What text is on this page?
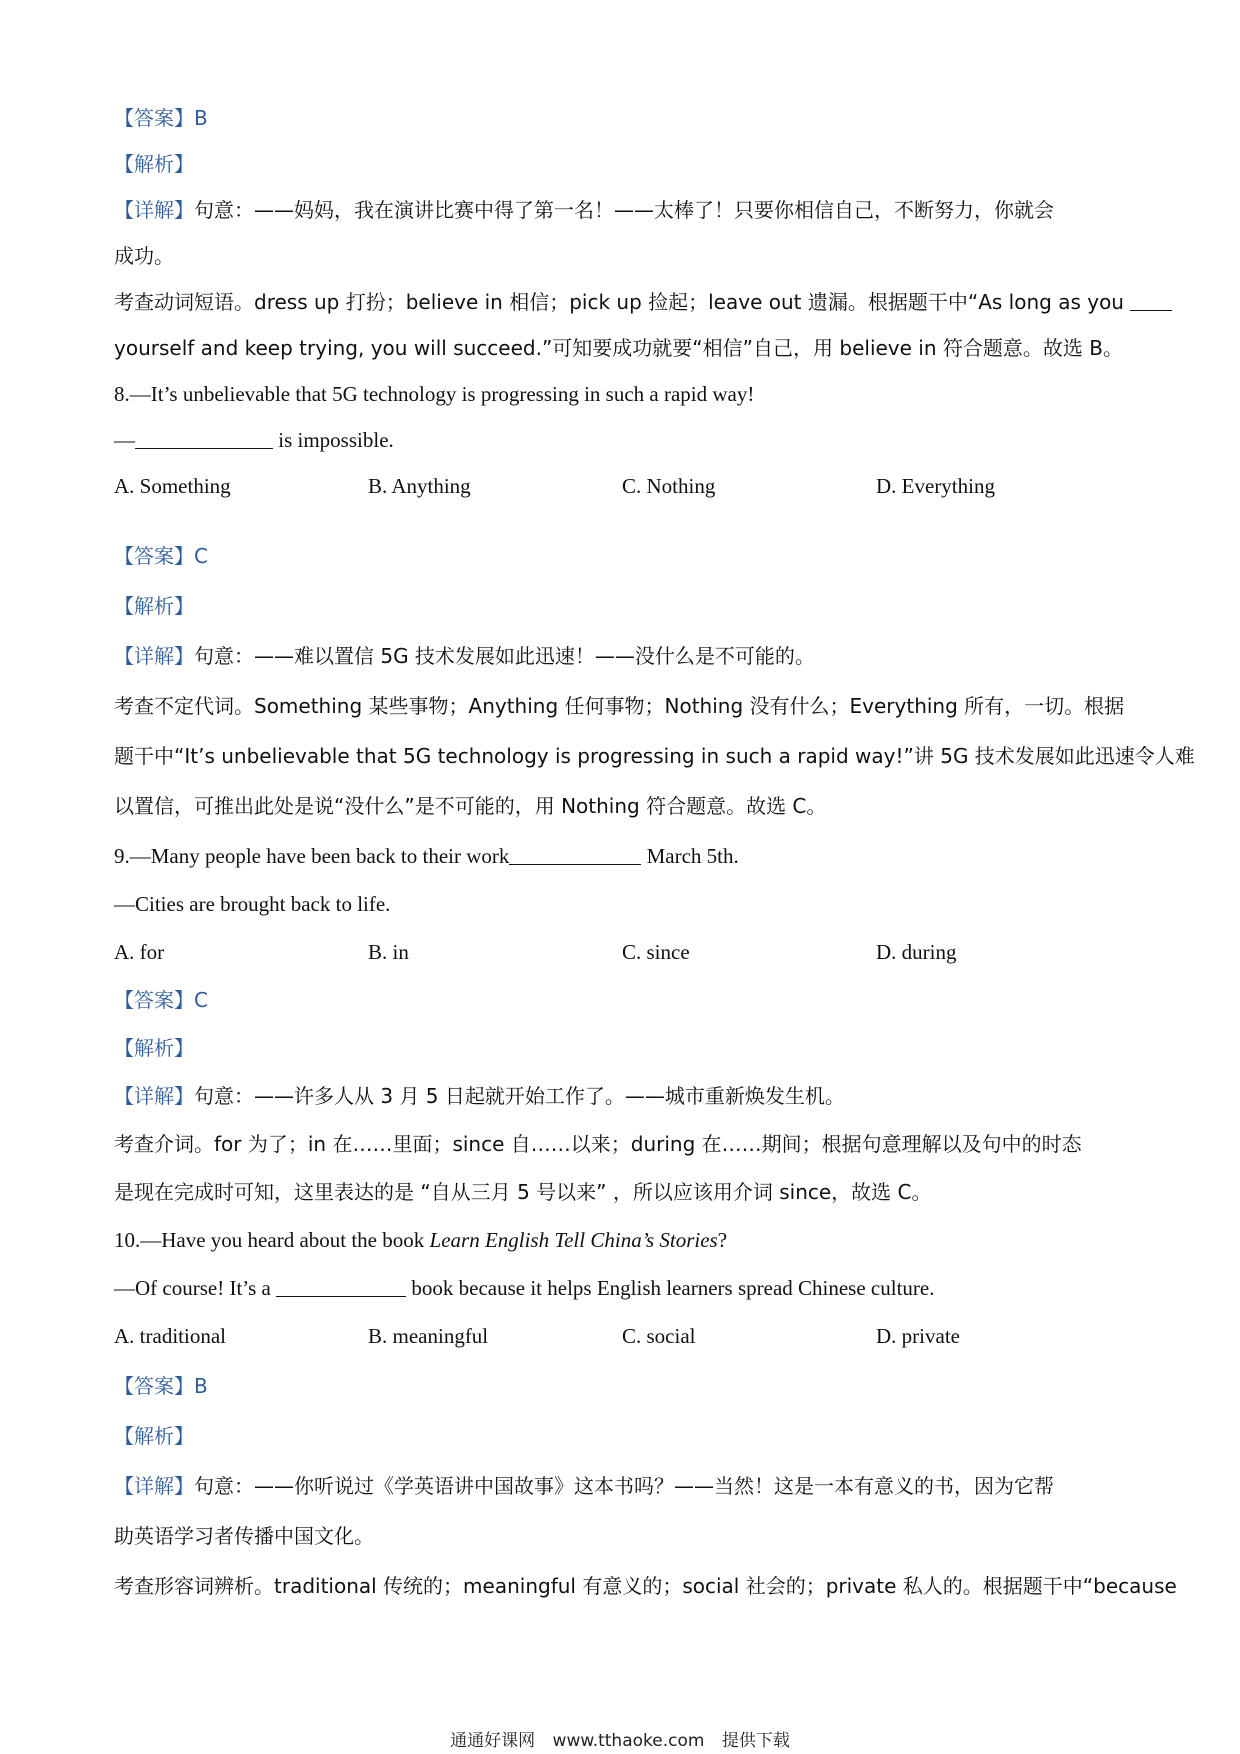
【答案】B
【解析】
【详解】句意：——妈妈，我在演讲比赛中得了第一名！——太棒了！只要你相信自己，不断努力，你就会
成功。
考查动词短语。dress up 打扮；believe in 相信；pick up 捡起；leave out 遗漏。根据题干中“As long as you
yourself and keep trying, you will succeed.”可知要成功就要“相信”自己，用 believe in 符合题意。故选 B。
8.—It’s unbelievable that 5G technology is progressing in such a rapid way!
—	is impossible.
A. Something	B. Anything	C. Nothing	D. Everything
【答案】C
【解析】
【详解】句意：——难以置信 5G 技术发展如此迅速！——没什么是不可能的。
考查不定代词。Something 某些事物；Anything 任何事物；Nothing 没有什么；Everything 所有，一切。根据
题干中“It’s unbelievable that 5G technology is progressing in such a rapid way!”讲 5G 技术发展如此迅速令人难
以置信，可推出此处是说“没什么”是不可能的，用 Nothing 符合题意。故选 C。
9.—Many people have been back to their work	March 5th.
—Cities are brought back to life.
A. for	B. in	C. since	D. during
【答案】C
【解析】
【详解】句意：——许多人从 3 月 5 日起就开始工作了。——城市重新焕发生机。
考查介词。for 为了；in 在……里面；since 自……以来；during 在……期间；根据句意理解以及句中的时态
是现在完成时可知，这里表达的是 “自从三月 5 号以来” ，所以应该用介词 since，故选 C。
10.—Have you heard about the book Learn English Tell China’s Stories?
—Of course! It’s a	book because it helps English learners spread Chinese culture.
A. traditional	B. meaningful	C. social	D. private
【答案】B
【解析】
【详解】句意：——你听说过《学英语讲中国故事》这本书吗？——当然！这是一本有意义的书，因为它帮
助英语学习者传播中国文化。
考查形容词辨析。traditional 传统的；meaningful 有意义的；social 社会的；private 私人的。根据题干中“because
通通好课网 www.tthaoke.com 提供下载
